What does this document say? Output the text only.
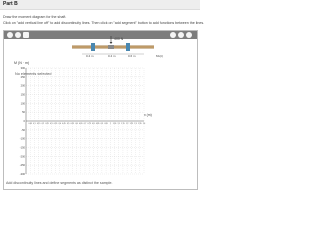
Part B
Draw the moment diagram for the shaft.
Click on "add vertical line off" to add discontinuity lines. Then click on "add segment" button to add functions between the lines.
No elements selected
400 N
0.4 m	0.4 m	0.6 m	Mx(t)
M (N · m)
300
250
200
150
100
50
0
-50
-100
-150
-200
-250
-300
0.05 0.1 0.15 0.2 0.25 0.3 0.35 0.4 0.45 0.5 0.55 0.6 0.65 0.7 0.75 0.8 0.85 0.9 0.95 1 1.05 1.1 1.15 1.2 1.25 1.3 1.35 1.4
x (m)
Add discontinuity lines and define segments as distinct the sample.
